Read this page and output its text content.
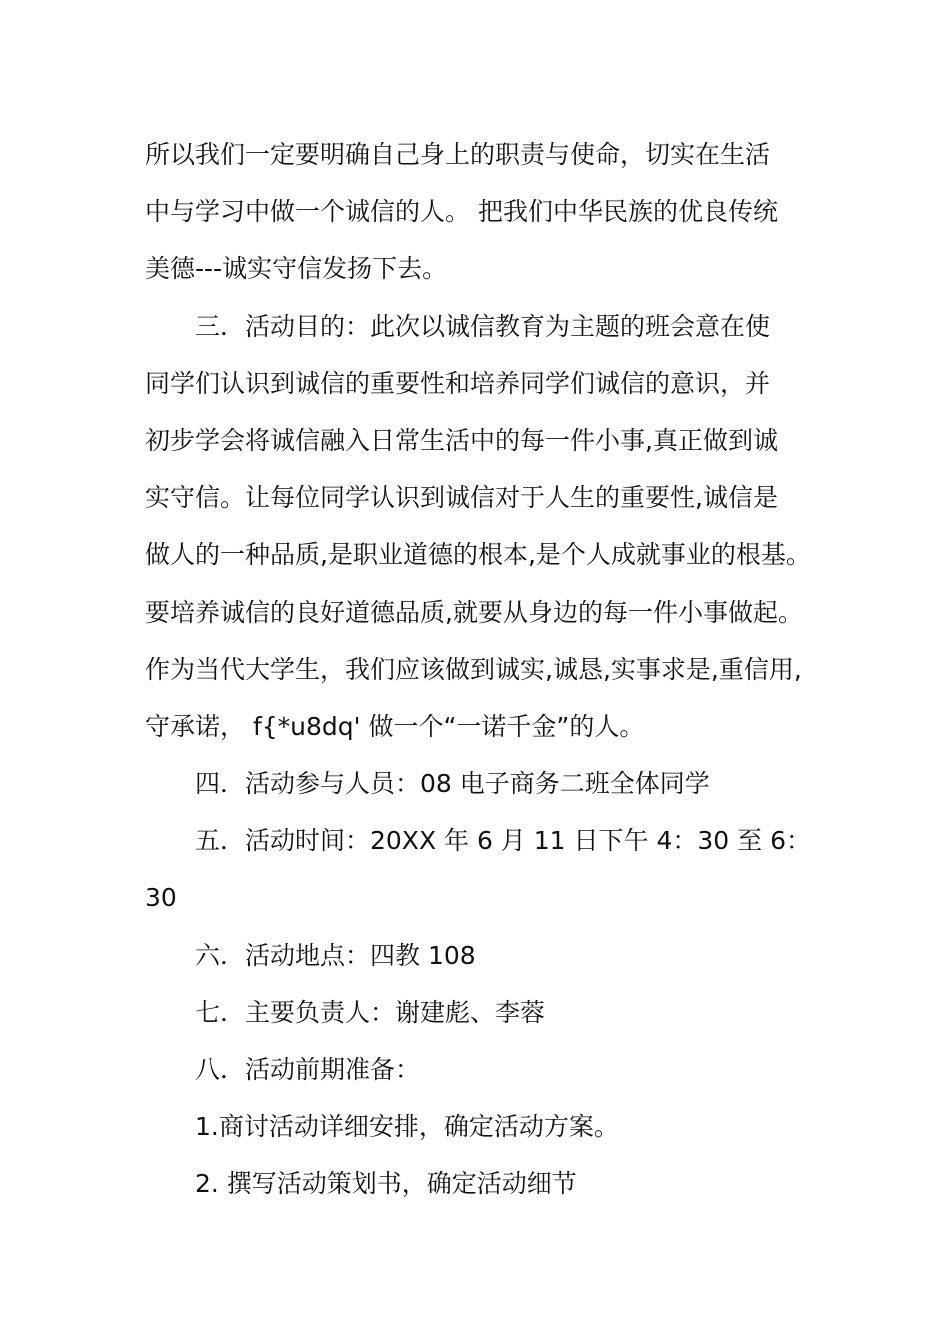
所以我们一定要明确自己身上的职责与使命，切实在生活
中与学习中做一个诚信的人。 把我们中华民族的优良传统
美德---诚实守信发扬下去。
三．活动目的：此次以诚信教育为主题的班会意在使
同学们认识到诚信的重要性和培养同学们诚信的意识，并
初步学会将诚信融入日常生活中的每一件小事,真正做到诚
实守信。让每位同学认识到诚信对于人生的重要性,诚信是
做人的一种品质,是职业道德的根本,是个人成就事业的根基。
要培养诚信的良好道德品质,就要从身边的每一件小事做起。
作为当代大学生，我们应该做到诚实,诚恳,实事求是,重信用,
守承诺， f{*u8dq' 做一个“一诺千金”的人。
四．活动参与人员：08 电子商务二班全体同学
五．活动时间：20XX 年 6 月 11 日下午 4：30 至 6：
30
六．活动地点：四教 108
七．主要负责人：谢建彪、李蓉
八．活动前期准备：
1.商讨活动详细安排，确定活动方案。
2. 撰写活动策划书，确定活动细节
